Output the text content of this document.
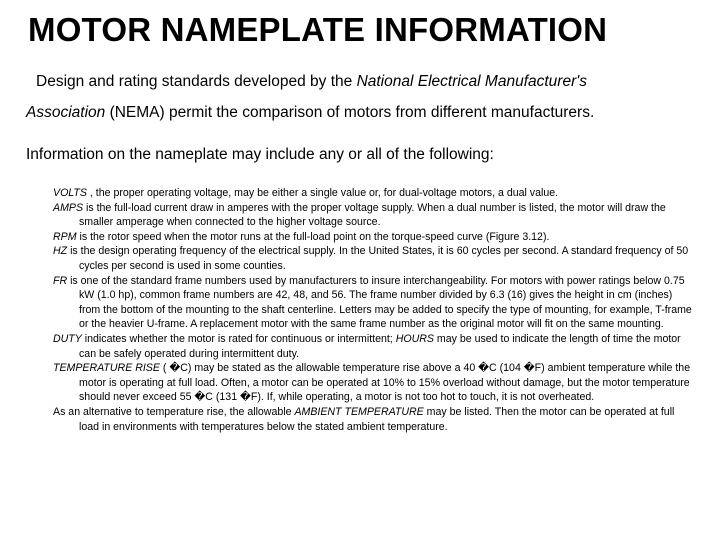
MOTOR NAMEPLATE INFORMATION

Design and rating standards developed by the National Electrical Manufacturer's

Association (NEMA) permit the comparison of motors from different manufacturers.

Information on the nameplate may include any or all of the following:

VOLTS , the proper operating voltage, may be either a single value or, for dual-voltage motors, a dual value.

AMPS is the full-load current draw in amperes with the proper voltage supply. When a dual number is listed, the motor will draw the smaller amperage when connected to the higher voltage source.

RPM is the rotor speed when the motor runs at the full-load point on the torque-speed curve (Figure 3.12).

HZ is the design operating frequency of the electrical supply. In the United States, it is 60 cycles per second. A standard frequency of 50 cycles per second is used in some counties.

FR is one of the standard frame numbers used by manufacturers to insure interchangeability. For motors with power ratings below 0.75 kW (1.0 hp), common frame numbers are 42, 48, and 56. The frame number divided by 6.3 (16) gives the height in cm (inches) from the bottom of the mounting to the shaft centerline. Letters may be added to specify the type of mounting, for example, T-frame or the heavier U-frame. A replacement motor with the same frame number as the original motor will fit on the same mounting.

DUTY indicates whether the motor is rated for continuous or intermittent; HOURS may be used to indicate the length of time the motor can be safely operated during intermittent duty.

TEMPERATURE RISE ( �C) may be stated as the allowable temperature rise above a 40 �C (104 �F) ambient temperature while the motor is operating at full load. Often, a motor can be operated at 10% to 15% overload without damage, but the motor temperature should never exceed 55 �C (131 �F). If, while operating, a motor is not too hot to touch, it is not overheated.

As an alternative to temperature rise, the allowable AMBIENT TEMPERATURE may be listed. Then the motor can be operated at full load in environments with temperatures below the stated ambient temperature.
